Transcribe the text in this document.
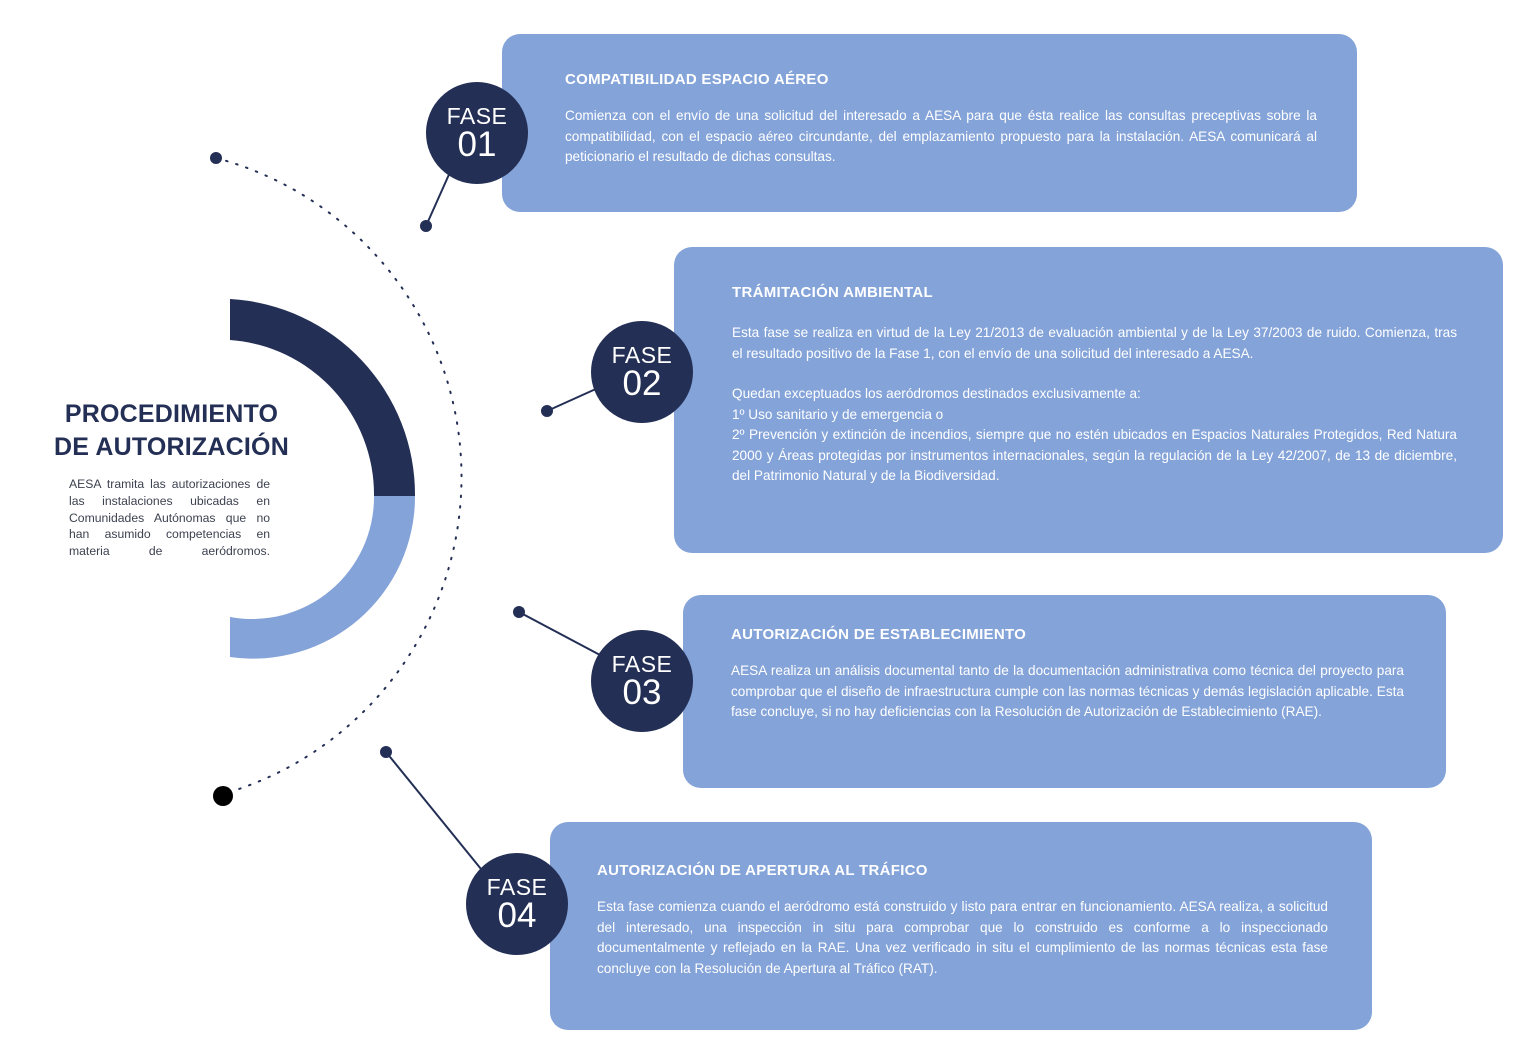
PROCEDIMIENTO
DE AUTORIZACIÓN
AESA tramita las autorizaciones de las instalaciones ubicadas en Comunidades Autónomas que no han asumido competencias en materia de aeródromos.
COMPATIBILIDAD ESPACIO AÉREO

Comienza con el envío de una solicitud del interesado a AESA para que ésta realice las consultas preceptivas sobre la compatibilidad, con el espacio aéreo circundante, del emplazamiento propuesto para la instalación. AESA comunicará al peticionario el resultado de dichas consultas.

FASE
01
TRÁMITACIÓN AMBIENTAL

Esta fase se realiza en virtud de la Ley 21/2013 de evaluación ambiental y de la Ley 37/2003 de ruido. Comienza, tras el resultado positivo de la Fase 1, con el envío de una solicitud del interesado a AESA.

Quedan exceptuados los aeródromos destinados exclusivamente a:

1º Uso sanitario y de emergencia o

2º Prevención y extinción de incendios, siempre que no estén ubicados en Espacios Naturales Protegidos, Red Natura 2000 y Áreas protegidas por instrumentos internacionales, según la regulación de la Ley 42/2007, de 13 de diciembre, del Patrimonio Natural y de la Biodiversidad.

FASE
02
AUTORIZACIÓN DE ESTABLECIMIENTO

AESA realiza un análisis documental tanto de la documentación administrativa como técnica del proyecto para comprobar que el diseño de infraestructura cumple con las normas técnicas y demás legislación aplicable. Esta fase concluye, si no hay deficiencias con la Resolución de Autorización de Establecimiento (RAE).

FASE
03
AUTORIZACIÓN DE APERTURA AL TRÁFICO

Esta fase comienza cuando el aeródromo está construido y listo para entrar en funcionamiento. AESA realiza, a solicitud del interesado, una inspección in situ para comprobar que lo construido es conforme a lo inspeccionado documentalmente y reflejado en la RAE. Una vez verificado in situ el cumplimiento de las normas técnicas esta fase concluye con la Resolución de Apertura al Tráfico (RAT).

FASE
04
